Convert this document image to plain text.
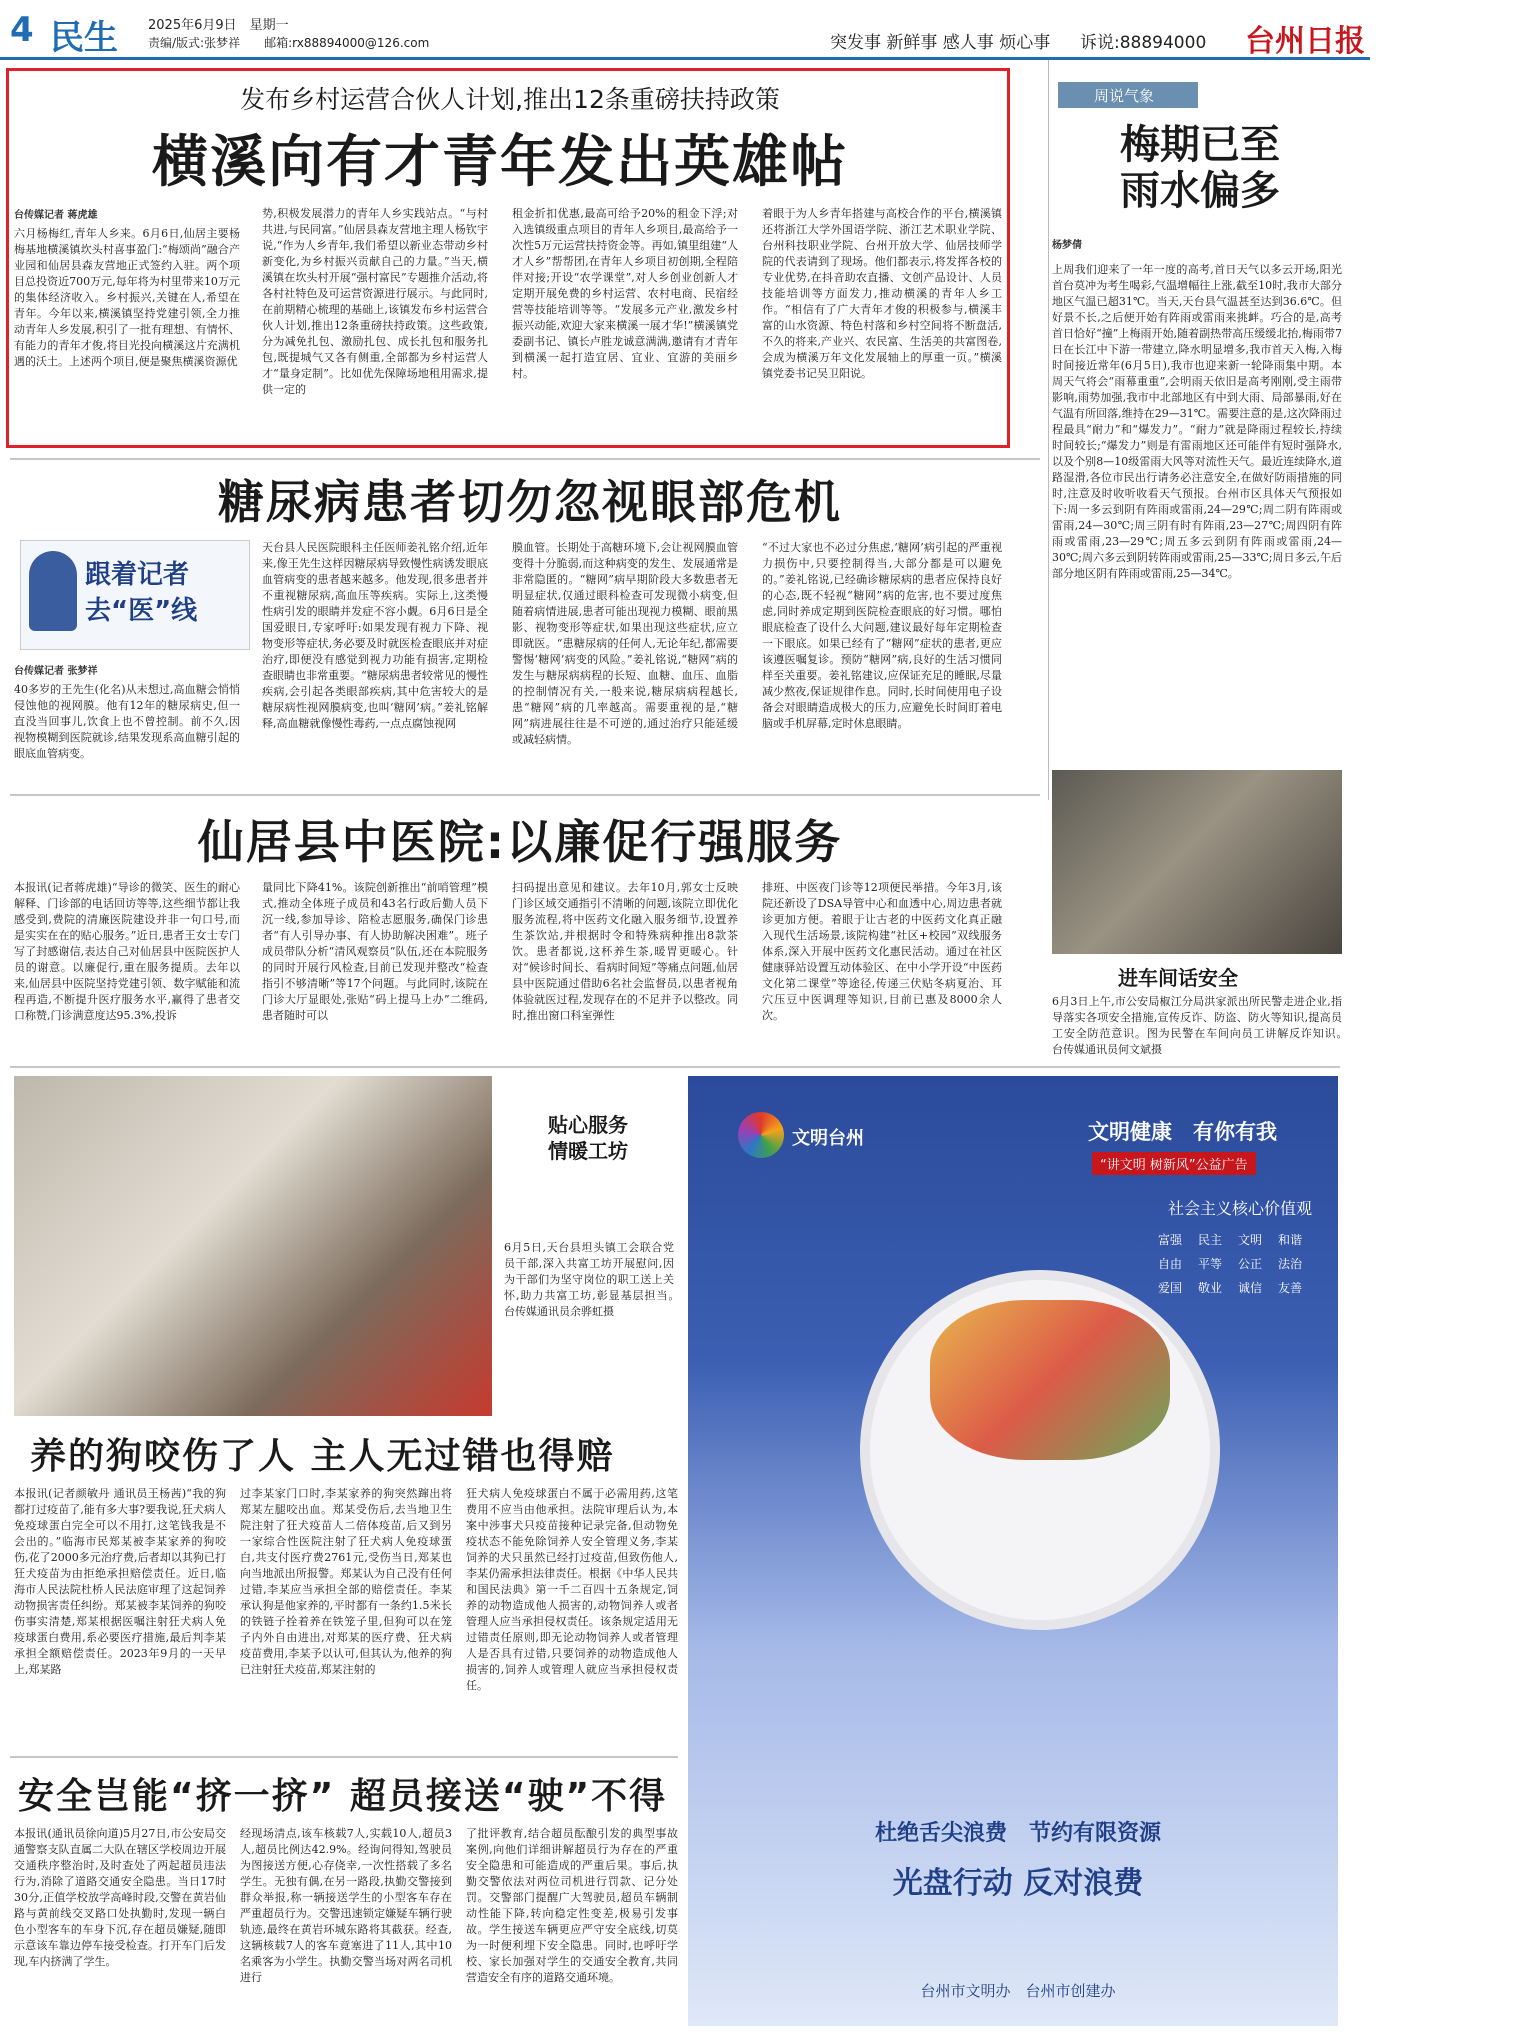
4 民生 2025年6月9日　星期一
责编/版式:张梦祥　　邮箱:rx88894000@126.com	突发事 新鲜事 感人事 烦心事 诉说:88894000 台州日报
发布乡村运营合伙人计划,推出12条重磅扶持政策
横溪向有才青年发出英雄帖
台传媒记者 蒋虎雄
六月杨梅红,青年人乡来。6月6日,仙居主要杨梅基地横溪镇坎头村喜事盈门:“梅颂尚”融合产业园和仙居县森友营地正式签约入驻。两个项目总投资近700万元,每年将为村里带来10万元的集体经济收入。乡村振兴,关键在人,希望在青年。今年以来,横溪镇坚持党建引领,全力推动青年人乡发展,积引了一批有理想、有情怀、有能力的青年才俊,将目光投向横溪这片充满机遇的沃土。上述两个项目,便是聚焦横溪资源优
势,积极发展潜力的青年人乡实践站点。“与村共进,与民同富。”仙居县森友营地主理人杨钦宇说,“作为人乡青年,我们希望以新业态带动乡村新变化,为乡村振兴贡献自己的力量。”当天,横溪镇在坎头村开展“强村富民”专题推介活动,将各村社特色及可运营资源进行展示。与此同时,在前期精心梳理的基础上,该镇发布乡村运营合伙人计划,推出12条重磅扶持政策。这些政策,分为减免扎包、激励扎包、成长扎包和服务扎包,既提城气又各有侧重,全部都为乡村运营人才“量身定制”。比如优先保障场地租用需求,提供一定的
租金折扣优惠,最高可给予20%的租金下浮;对入选镇级重点项目的青年人乡项目,最高给予一次性5万元运营扶持资金等。再如,镇里组建“人才人乡”帮帮团,在青年人乡项目初创期,全程陪伴对接;开设“农学课堂”,对人乡创业创新人才定期开展免费的乡村运营、农村电商、民宿经营等技能培训等等。“发展多元产业,激发乡村振兴动能,欢迎大家来横溪一展才华!”横溪镇党委副书记、镇长卢胜龙诚意满满,邀请有才青年到横溪一起打造宜居、宜业、宜游的美丽乡村。
着眼于为人乡青年搭建与高校合作的平台,横溪镇还将浙江大学外国语学院、浙江艺术职业学院、台州科技职业学院、台州开放大学、仙居技师学院的代表请到了现场。他们都表示,将发挥各校的专业优势,在抖音助农直播、文创产品设计、人员技能培训等方面发力,推动横溪的青年人乡工作。“相信有了广大青年才俊的积极参与,横溪丰富的山水资源、特色村落和乡村空间将不断盘活,不久的将来,产业兴、农民富、生活美的共富图卷,会成为横溪万年文化发展轴上的厚重一页。”横溪镇党委书记吴卫阳说。
周说气象
梅期已至 雨水偏多
杨梦倩
上周我们迎来了一年一度的高考,首日天气以多云开场,阳光首台莫冲为考生喝彩,气温增幅往上涨,截至10时,我市大部分地区气温已超31℃。当天,天台县气温甚至达到36.6℃。但好景不长,之后便开始有阵雨或雷雨来挑衅。巧合的是,高考首日恰好“撞”上梅雨开始,随着副热带高压缓缓北抬,梅雨带7日在长江中下游一带建立,降水明显增多,我市首天入梅,入梅时间接近常年(6月5日),我市也迎来新一轮降雨集中期。本周天气将会“雨幕重重”,会明雨天依旧是高考刚刚,受主雨带影响,雨势加强,我市中北部地区有中到大雨、局部暴雨,好在气温有所回落,维持在29—31℃。需要注意的是,这次降雨过程最具“耐力”和“爆发力”。“耐力”就是降雨过程较长,持续时间较长;“爆发力”则是有雷雨地区还可能伴有短时强降水,以及个别8—10级雷雨大风等对流性天气。最近连续降水,道路湿滑,各位市民出行请务必注意安全,在做好防雨措施的同时,注意及时收听收看天气预报。台州市区具体天气预报如下:周一多云到阴有阵雨或雷雨,24—29℃;周二阴有阵雨或雷雨,24—30℃;周三阴有时有阵雨,23—27℃;周四阴有阵雨或雷雨,23—29℃;周五多云到阴有阵雨或雷雨,24—30℃;周六多云到阴转阵雨或雷雨,25—33℃;周日多云,午后部分地区阴有阵雨或雷雨,25—34℃。
糖尿病患者切勿忽视眼部危机
跟着记者去“医”线
台传媒记者 张梦祥
40多岁的王先生(化名)从未想过,高血糖会悄悄侵蚀他的视网膜。他有12年的糖尿病史,但一直没当回事儿,饮食上也不曾控制。前不久,因视物模糊到医院就诊,结果发现系高血糖引起的眼底血管病变。
天台县人民医院眼科主任医师姜礼铭介绍,近年来,像王先生这样因糖尿病导致慢性病诱发眼底血管病变的患者越来越多。他发现,很多患者并不重视糖尿病,高血压等疾病。实际上,这类慢性病引发的眼睛并发症不容小觑。6月6日是全国爱眼日,专家呼吁:如果发现有视力下降、视物变形等症状,务必要及时就医检查眼底并对症治疗,即便没有感觉到视力功能有损害,定期检查眼睛也非常重要。“糖尿病患者较常见的慢性疾病,会引起各类眼部疾病,其中危害较大的是糖尿病性视网膜病变,也叫‘糖网’病。”姜礼铭解释,高血糖就像慢性毒药,一点点腐蚀视网
膜血管。长期处于高糖环境下,会让视网膜血管变得十分脆弱,而这种病变的发生、发展通常是非常隐匿的。“糖网”病早期阶段大多数患者无明显症状,仅通过眼科检查可发现微小病变,但随着病情进展,患者可能出现视力模糊、眼前黑影、视物变形等症状,如果出现这些症状,应立即就医。“患糖尿病的任何人,无论年纪,都需要警惕‘糖网’病变的风险。”姜礼铭说,“糖网”病的发生与糖尿病病程的长短、血糖、血压、血脂的控制情况有关,一般来说,糖尿病病程越长,患“糖网”病的几率越高。需要重视的是,“糖网”病进展往往是不可逆的,通过治疗只能延缓或减轻病情。
“不过大家也不必过分焦虑,‘糖网’病引起的严重视力损伤中,只要控制得当,大部分都是可以避免的。”姜礼铭说,已经确诊糖尿病的患者应保持良好的心态,既不轻视“糖网”病的危害,也不要过度焦虑,同时养成定期到医院检查眼底的好习惯。哪怕眼底检查了设什么大问题,建议最好每年定期检查一下眼底。如果已经有了“糖网”症状的患者,更应该遵医嘱复诊。预防“糖网”病,良好的生活习惯同样至关重要。姜礼铭建议,应保证充足的睡眠,尽量减少熬夜,保证规律作息。同时,长时间使用电子设备会对眼睛造成极大的压力,应避免长时间盯着电脑或手机屏幕,定时休息眼睛。
仙居县中医院:以廉促行强服务
本报讯(记者蒋虎雄)“导诊的微笑、医生的耐心解释、门诊部的电话回访等等,这些细节都让我感受到,费院的清廉医院建设并非一句口号,而是实实在在的贴心服务。”近日,患者王女士专门写了封感谢信,表达自己对仙居县中医院医护人员的谢意。以廉促行,重在服务提质。去年以来,仙居县中医院坚持党建引领、数字赋能和流程再造,不断提升医疗服务水平,赢得了患者交口称赞,门诊满意度达95.3%,投诉
量同比下降41%。该院创新推出“前哨管理”模式,推动全体班子成员和43名行政后勤人员下沉一线,参加导诊、陪检志愿服务,确保门诊患者“有人引导办事、有人协助解决困难”。班子成员带队分析“清风观察员”队伍,还在本院服务的同时开展行风检查,目前已发现并整改“检查指引不够清晰”等17个问题。与此同时,该院在门诊大厅显眼处,张贴“码上提马上办”二维码,患者随时可以
扫码提出意见和建议。去年10月,郭女士反映门诊区域交通指引不清晰的问题,该院立即优化服务流程,将中医药文化融入服务细节,设置养生茶饮站,并根据时令和特殊病种推出8款茶饮。患者都说,这杯养生茶,暖胃更暖心。针对“候诊时间长、看病时间短”等痛点问题,仙居县中医院通过借助6名社会监督员,以患者视角体验就医过程,发现存在的不足并予以整改。同时,推出窗口科室弹性
排班、中医夜门诊等12项便民举措。今年3月,该院还新设了DSA导管中心和血透中心,周边患者就诊更加方便。着眼于让古老的中医药文化真正融入现代生活场景,该院构建“社区+校园”双线服务体系,深入开展中医药文化惠民活动。通过在社区健康驿站设置互动体验区、在中小学开设“中医药文化第二课堂”等途径,传递三伏贴冬病夏治、耳穴压豆中医调理等知识,目前已惠及8000余人次。
进车间话安全
6月3日上午,市公安局椒江分局洪家派出所民警走进企业,指导落实各项安全措施,宣传反诈、防盗、防火等知识,提高员工安全防范意识。图为民警在车间向员工讲解反诈知识。　台传媒通讯员何文斌摄
贴心服务 情暖工坊
6月5日,天台县坦头镇工会联合党员干部,深入共富工坊开展慰问,因为干部们为坚守岗位的职工送上关怀,助力共富工坊,彰显基层担当。　台传媒通讯员余骅虹摄
文明台州	文明健康　有你有我
“讲文明 树新风”公益广告
社会主义核心价值观
富强	民主	文明	和谐
自由	平等	公正	法治
爱国	敬业	诚信	友善
杜绝舌尖浪费　节约有限资源
光盘行动 反对浪费
台州市文明办　台州市创建办
养的狗咬伤了人 主人无过错也得赔
本报讯(记者颜敏丹 通讯员王杨茜)“我的狗都打过疫苗了,能有多大事?要我说,狂犬病人免疫球蛋白完全可以不用打,这笔钱我是不会出的。”临海市民郑某被李某家养的狗咬伤,花了2000多元治疗费,后者却以其狗已打狂犬疫苗为由拒绝承担赔偿责任。近日,临海市人民法院杜桥人民法庭审理了这起饲养动物损害责任纠纷。郑某被李某饲养的狗咬伤事实清楚,郑某根据医嘱注射狂犬病人免疫球蛋白费用,系必要医疗措施,最后判李某承担全额赔偿责任。2023年9月的一天早上,郑某路
过李某家门口时,李某家养的狗突然蹿出将郑某左腿咬出血。郑某受伤后,去当地卫生院注射了狂犬疫苗人二倍体疫苗,后又到另一家综合性医院注射了狂犬病人免疫球蛋白,共支付医疗费2761元,受伤当日,郑某也向当地派出所报警。郑某认为自己没有任何过错,李某应当承担全部的赔偿责任。李某承认狗是他家养的,平时都有一条约1.5米长的铁链子拴着养在铁笼子里,但狗可以在笼子内外自由进出,对郑某的医疗费、狂犬病疫苗费用,李某予以认可,但其认为,他养的狗已注射狂犬疫苗,郑某注射的
狂犬病人免疫球蛋白不属于必需用药,这笔费用不应当由他承担。法院审理后认为,本案中涉事犬只疫苗接种记录完备,但动物免疫状态不能免除饲养人安全管理义务,李某饲养的犬只虽然已经打过疫苗,但致伤他人,李某仍需承担法律责任。根据《中华人民共和国民法典》第一千二百四十五条规定,饲养的动物造成他人损害的,动物饲养人或者管理人应当承担侵权责任。该条规定适用无过错责任原则,即无论动物饲养人或者管理人是否具有过错,只要饲养的动物造成他人损害的,饲养人或管理人就应当承担侵权责任。
安全岂能“挤一挤” 超员接送“驶”不得
本报讯(通讯员徐向道)5月27日,市公安局交通警察支队直属二大队在辖区学校周边开展交通秩序整治时,及时查处了两起超员违法行为,消除了道路交通安全隐患。当日17时30分,正值学校放学高峰时段,交警在黄岩仙路与黄前线交叉路口处执勤时,发现一辆白色小型客车的车身下沉,存在超员嫌疑,随即示意该车靠边停车接受检查。打开车门后发现,车内挤满了学生。
经现场清点,该车核载7人,实载10人,超员3人,超员比例达42.9%。经询问得知,驾驶员为图接送方便,心存侥幸,一次性搭载了多名学生。无独有偶,在另一路段,执勤交警接到群众举报,称一辆接送学生的小型客车存在严重超员行为。交警迅速锁定嫌疑车辆行驶轨迹,最终在黄岩环城东路将其截获。经查,这辆核载7人的客车竟塞进了11人,其中10名乘客为小学生。执勤交警当场对两名司机进行
了批评教育,结合超员酝酿引发的典型事故案例,向他们详细讲解超员行为存在的严重安全隐患和可能造成的严重后果。事后,执勤交警依法对两位司机进行罚款、记分处罚。交警部门提醒广大驾驶员,超员车辆制动性能下降,转向稳定性变差,极易引发事故。学生接送车辆更应严守安全底线,切莫为一时便利埋下安全隐患。同时,也呼吁学校、家长加强对学生的交通安全教育,共同营造安全有序的道路交通环境。
